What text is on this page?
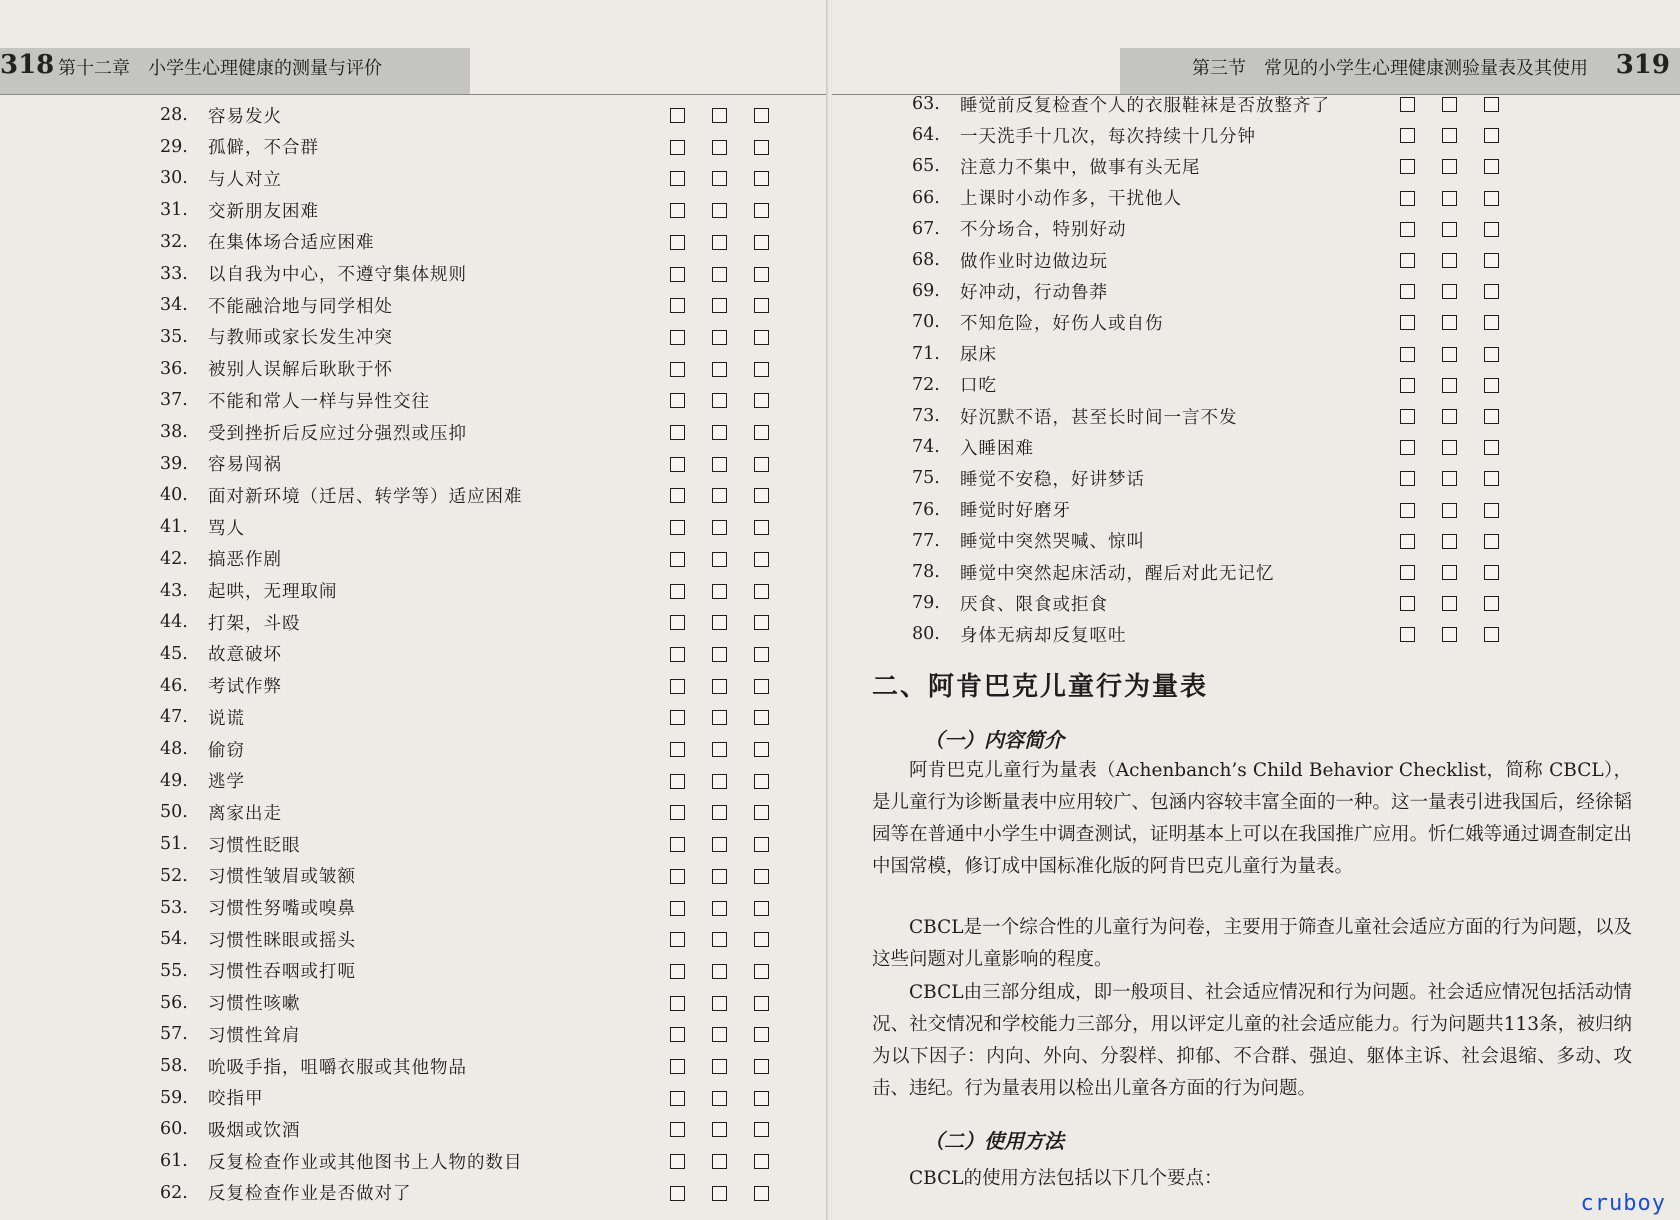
318 第十二章　小学生心理健康的测量与评价
28.	容易发火
29.	孤僻，不合群
30.	与人对立
31.	交新朋友困难
32.	在集体场合适应困难
33.	以自我为中心，不遵守集体规则
34.	不能融洽地与同学相处
35.	与教师或家长发生冲突
36.	被别人误解后耿耿于怀
37.	不能和常人一样与异性交往
38.	受到挫折后反应过分强烈或压抑
39.	容易闯祸
40.	面对新环境（迁居、转学等）适应困难
41.	骂人
42.	搞恶作剧
43.	起哄，无理取闹
44.	打架，斗殴
45.	故意破坏
46.	考试作弊
47.	说谎
48.	偷窃
49.	逃学
50.	离家出走
51.	习惯性眨眼
52.	习惯性皱眉或皱额
53.	习惯性努嘴或嗅鼻
54.	习惯性眯眼或摇头
55.	习惯性吞咽或打呃
56.	习惯性咳嗽
57.	习惯性耸肩
58.	吮吸手指，咀嚼衣服或其他物品
59.	咬指甲
60.	吸烟或饮酒
61.	反复检查作业或其他图书上人物的数目
62.	反复检查作业是否做对了
319
第三节　常见的小学生心理健康测验量表及其使用
63.	睡觉前反复检查个人的衣服鞋袜是否放整齐了
64.	一天洗手十几次，每次持续十几分钟
65.	注意力不集中，做事有头无尾
66.	上课时小动作多，干扰他人
67.	不分场合，特别好动
68.	做作业时边做边玩
69.	好冲动，行动鲁莽
70.	不知危险，好伤人或自伤
71.	尿床
72.	口吃
73.	好沉默不语，甚至长时间一言不发
74.	入睡困难
75.	睡觉不安稳，好讲梦话
76.	睡觉时好磨牙
77.	睡觉中突然哭喊、惊叫
78.	睡觉中突然起床活动，醒后对此无记忆
79.	厌食、限食或拒食
80.	身体无病却反复呕吐
二、阿肯巴克儿童行为量表
（一）内容简介
阿肯巴克儿童行为量表（Achenbanch’s Child Behavior Checklist，简称 CBCL），是儿童行为诊断量表中应用较广、包涵内容较丰富全面的一种。这一量表引进我国后，经徐韬园等在普通中小学生中调查测试，证明基本上可以在我国推广应用。忻仁娥等通过调查制定出中国常模，修订成中国标准化版的阿肯巴克儿童行为量表。
CBCL是一个综合性的儿童行为问卷，主要用于筛查儿童社会适应方面的行为问题，以及这些问题对儿童影响的程度。
CBCL由三部分组成，即一般项目、社会适应情况和行为问题。社会适应情况包括活动情况、社交情况和学校能力三部分，用以评定儿童的社会适应能力。行为问题共113条，被归纳为以下因子：内向、外向、分裂样、抑郁、不合群、强迫、躯体主诉、社会退缩、多动、攻击、违纪。行为量表用以检出儿童各方面的行为问题。
（二）使用方法
CBCL的使用方法包括以下几个要点：
cruboy
